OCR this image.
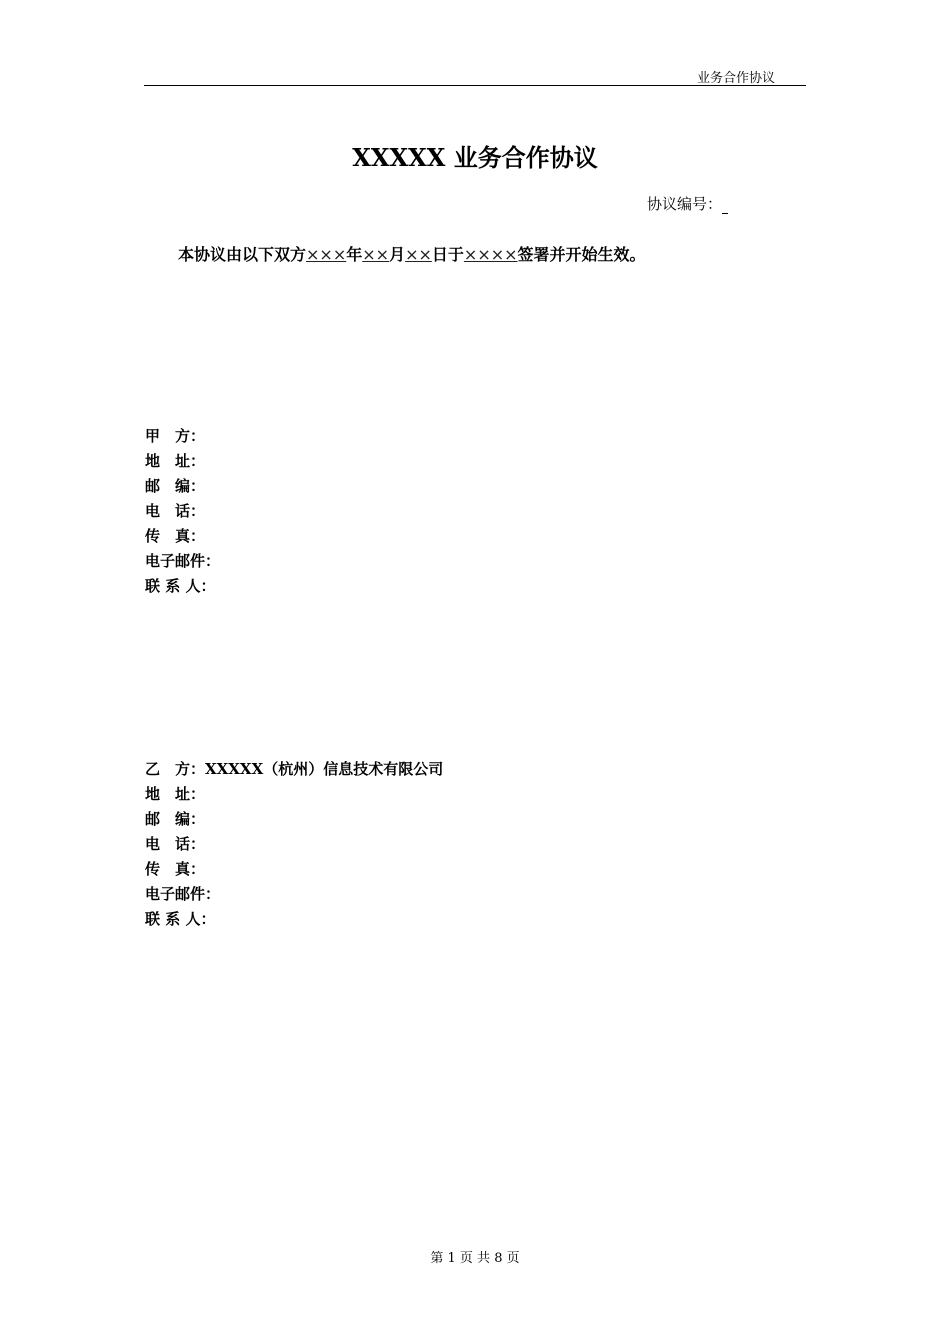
业务合作协议
XXXXX 业务合作协议
协议编号：
本协议由以下双方×××年××月××日于××××签署并开始生效。
甲　方：
地　址：
邮　编：
电　话：
传　真：
电子邮件：
联 系 人：
乙　方：XXXXX（杭州）信息技术有限公司
地　址：
邮　编：
电　话：
传　真：
电子邮件：
联 系 人：
第 1 页 共 8 页
